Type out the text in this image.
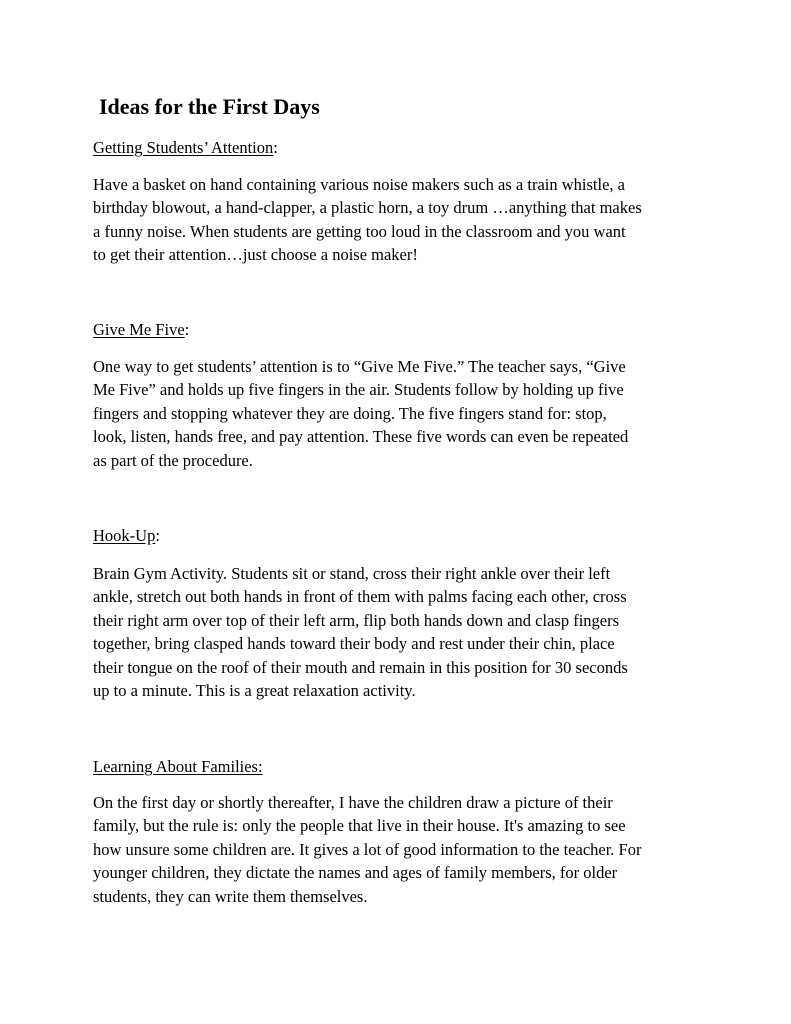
Ideas for the First Days
Getting Students’ Attention:
Have a basket on hand containing various noise makers such as a train whistle, a
birthday blowout, a hand-clapper, a plastic horn, a toy drum …anything that makes
a funny noise. When students are getting too loud in the classroom and you want
to get their attention…just choose a noise maker!
Give Me Five:
One way to get students’ attention is to “Give Me Five.” The teacher says, “Give
Me Five” and holds up five fingers in the air. Students follow by holding up five
fingers and stopping whatever they are doing. The five fingers stand for: stop,
look, listen, hands free, and pay attention. These five words can even be repeated
as part of the procedure.
Hook-Up:
Brain Gym Activity. Students sit or stand, cross their right ankle over their left
ankle, stretch out both hands in front of them with palms facing each other, cross
their right arm over top of their left arm, flip both hands down and clasp fingers
together, bring clasped hands toward their body and rest under their chin, place
their tongue on the roof of their mouth and remain in this position for 30 seconds
up to a minute. This is a great relaxation activity.
Learning About Families:
On the first day or shortly thereafter, I have the children draw a picture of their
family, but the rule is: only the people that live in their house. It's amazing to see
how unsure some children are. It gives a lot of good information to the teacher. For
younger children, they dictate the names and ages of family members, for older
students, they can write them themselves.
